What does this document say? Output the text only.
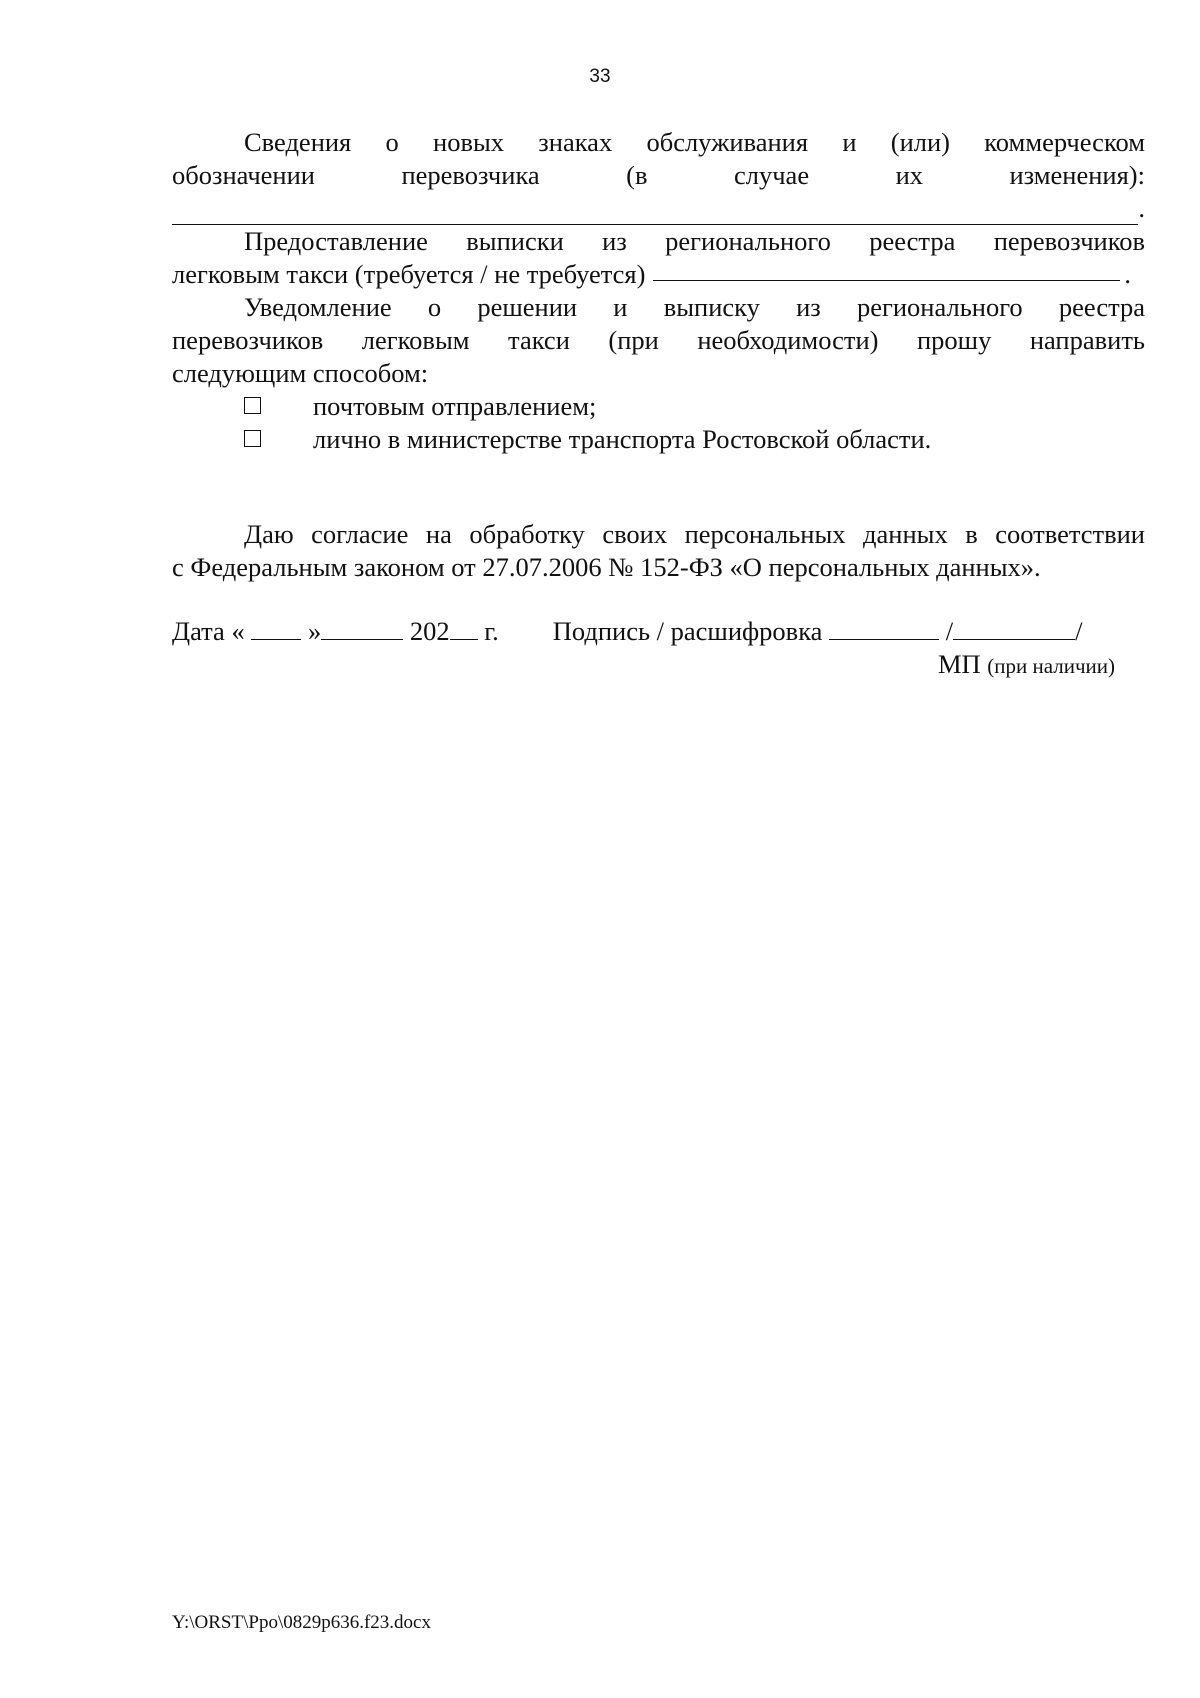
33
Сведения о новых знаках обслуживания и (или) коммерческом
обозначении перевозчика (в случае их изменения):
.
Предоставление выписки из регионального реестра перевозчиков
легковым такси (требуется / не требуется)	.
Уведомление о решении и выписку из регионального реестра
перевозчиков легковым такси (при необходимости) прошу направить
следующим способом:
почтовым отправлением;
лично в министерстве транспорта Ростовской области.
Даю согласие на обработку своих персональных данных в соответствии
с Федеральным законом от 27.07.2006 № 152-ФЗ «О персональных данных».
Дата «

»
	202
г. Подпись / расшифровка

	/	/
МП (при наличии)
Y:\ORST\Ppo\0829p636.f23.docx
